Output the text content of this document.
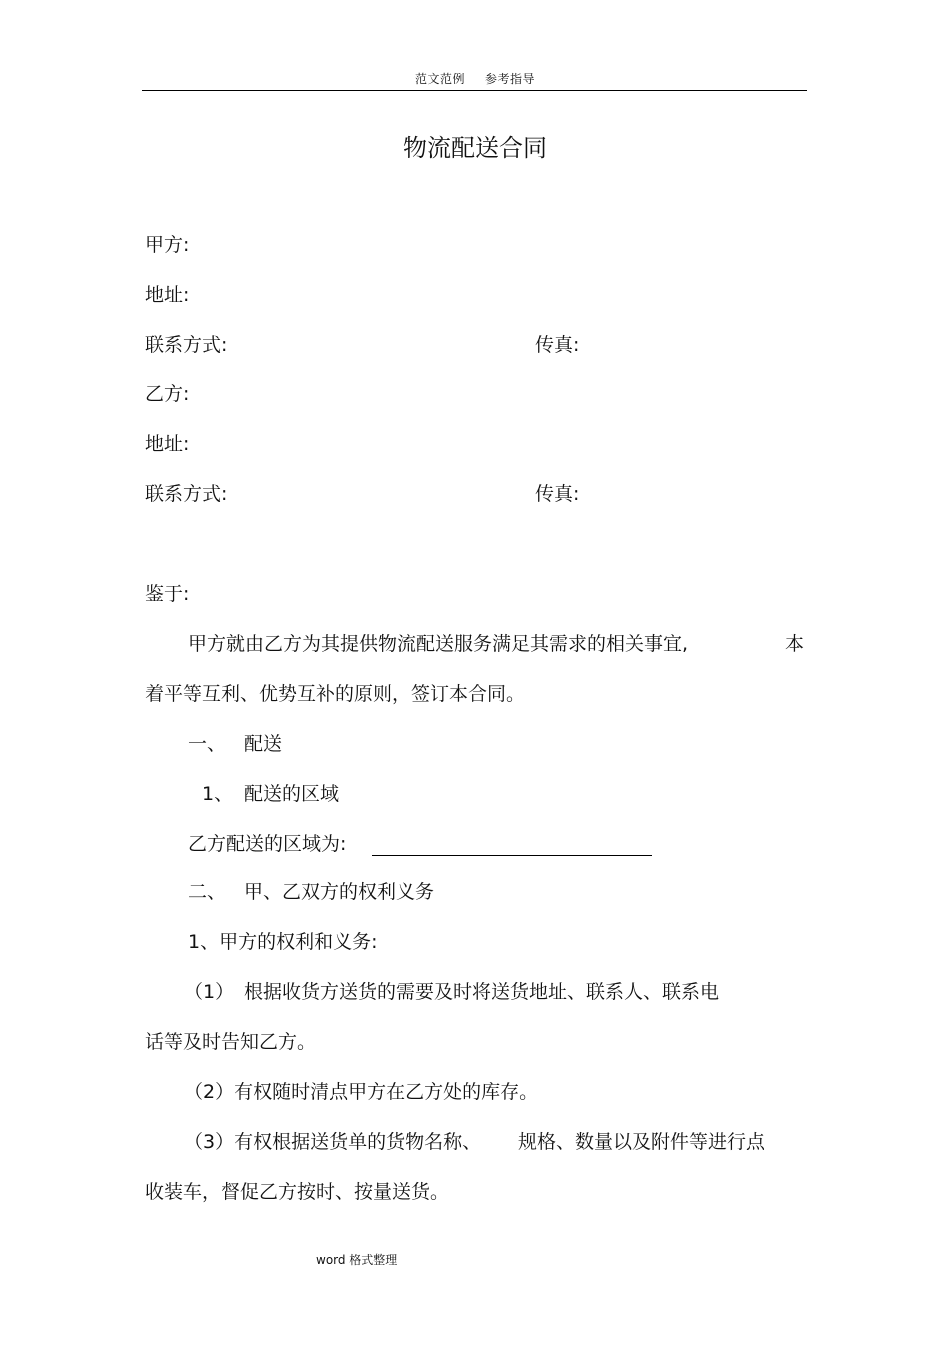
范文范例 参考指导
物流配送合同
甲方:
地址:
联系方式:	传真:
乙方:
地址:
联系方式:	传真:
鉴于:
甲方就由乙方为其提供物流配送服务满足其需求的相关事宜,	本
着平等互利、优势互补的原则，签订本合同。
一、 配送
1、 配送的区域
乙方配送的区域为:
二、 甲、乙双方的权利义务
1、甲方的权利和义务:
（1） 根据收货方送货的需要及时将送货地址、联系人、联系电
话等及时告知乙方。
（2）有权随时清点甲方在乙方处的库存。
（3）有权根据送货单的货物名称、 规格、数量以及附件等进行点
收装车，督促乙方按时、按量送货。
word 格式整理
